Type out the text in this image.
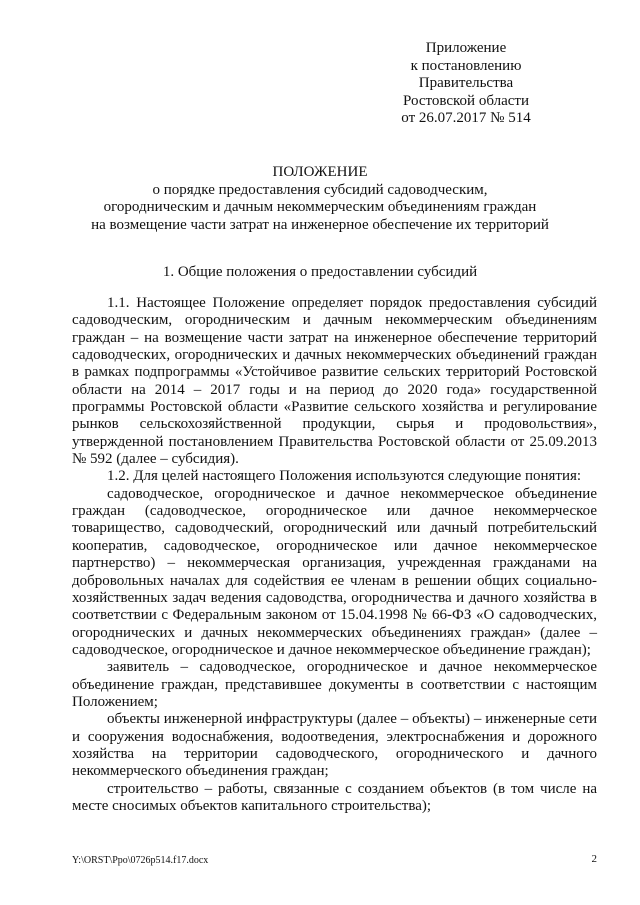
Приложение
к постановлению
Правительства
Ростовской области
от 26.07.2017 № 514
ПОЛОЖЕНИЕ
о порядке предоставления субсидий садоводческим,
огородническим и дачным некоммерческим объединениям граждан
на возмещение части затрат на инженерное обеспечение их территорий
1. Общие положения о предоставлении субсидий

1.1. Настоящее Положение определяет порядок предоставления субсидий садоводческим, огородническим и дачным некоммерческим объединениям граждан – на возмещение части затрат на инженерное обеспечение территорий садоводческих, огороднических и дачных некоммерческих объединений граждан в рамках подпрограммы «Устойчивое развитие сельских территорий Ростовской области на 2014 – 2017 годы и на период до 2020 года» государственной программы Ростовской области «Развитие сельского хозяйства и регулирование рынков сельскохозяйственной продукции, сырья и продовольствия», утвержденной постановлением Правительства Ростовской области от 25.09.2013 № 592 (далее – субсидия).

1.2. Для целей настоящего Положения используются следующие понятия:

садоводческое, огородническое и дачное некоммерческое объединение граждан (садоводческое, огородническое или дачное некоммерческое товарищество, садоводческий, огороднический или дачный потребительский кооператив, садоводческое, огородническое или дачное некоммерческое партнерство) – некоммерческая организация, учрежденная гражданами на добровольных началах для содействия ее членам в решении общих социально-хозяйственных задач ведения садоводства, огородничества и дачного хозяйства в соответствии с Федеральным законом от 15.04.1998 № 66-ФЗ «О садоводческих, огороднических и дачных некоммерческих объединениях граждан» (далее – садоводческое, огородническое и дачное некоммерческое объединение граждан);

заявитель – садоводческое, огородническое и дачное некоммерческое объединение граждан, представившее документы в соответствии с настоящим Положением;

объекты инженерной инфраструктуры (далее – объекты) – инженерные сети и сооружения водоснабжения, водоотведения, электроснабжения и дорожного хозяйства на территории садоводческого, огороднического и дачного некоммерческого объединения граждан;

строительство – работы, связанные с созданием объектов (в том числе на месте сносимых объектов капитального строительства);

Y:\ORST\Ppo\0726p514.f17.docx	2
